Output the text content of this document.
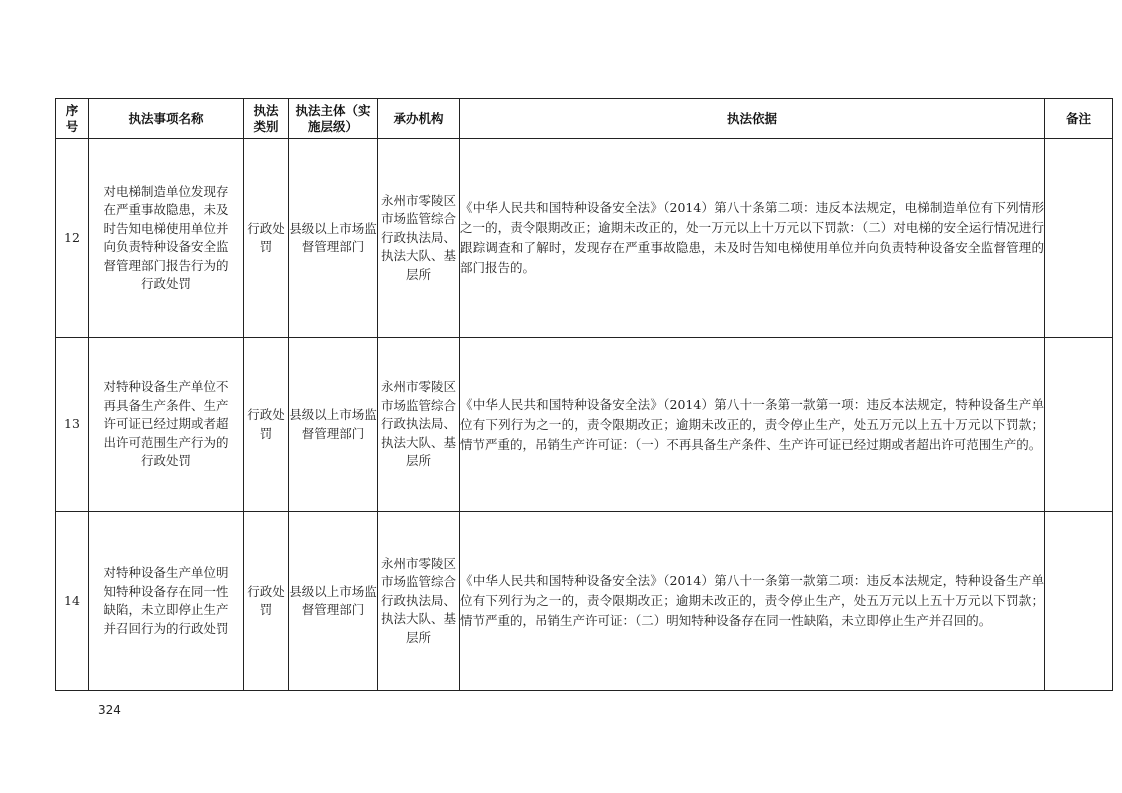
序号	执法事项名称	执法类别	执法主体（实施层级）	承办机构	执法依据	备注
12	对电梯制造单位发现存在严重事故隐患，未及时告知电梯使用单位并向负责特种设备安全监督管理部门报告行为的行政处罚	行政处罚	县级以上市场监督管理部门	永州市零陵区市场监管综合行政执法局、执法大队、基层所	《中华人民共和国特种设备安全法》（2014）第八十条第二项：违反本法规定，电梯制造单位有下列情形之一的，责令限期改正；逾期未改正的，处一万元以上十万元以下罚款：（二）对电梯的安全运行情况进行跟踪调查和了解时，发现存在严重事故隐患，未及时告知电梯使用单位并向负责特种设备安全监督管理的部门报告的。	
13	对特种设备生产单位不再具备生产条件、生产许可证已经过期或者超出许可范围生产行为的行政处罚	行政处罚	县级以上市场监督管理部门	永州市零陵区市场监管综合行政执法局、执法大队、基层所	《中华人民共和国特种设备安全法》（2014）第八十一条第一款第一项：违反本法规定，特种设备生产单位有下列行为之一的，责令限期改正；逾期未改正的，责令停止生产，处五万元以上五十万元以下罚款；情节严重的，吊销生产许可证：（一）不再具备生产条件、生产许可证已经过期或者超出许可范围生产的。	
14	对特种设备生产单位明知特种设备存在同一性缺陷，未立即停止生产并召回行为的行政处罚	行政处罚	县级以上市场监督管理部门	永州市零陵区市场监管综合行政执法局、执法大队、基层所	《中华人民共和国特种设备安全法》（2014）第八十一条第一款第二项：违反本法规定，特种设备生产单位有下列行为之一的，责令限期改正；逾期未改正的，责令停止生产，处五万元以上五十万元以下罚款；情节严重的，吊销生产许可证：（二）明知特种设备存在同一性缺陷，未立即停止生产并召回的。	
324
